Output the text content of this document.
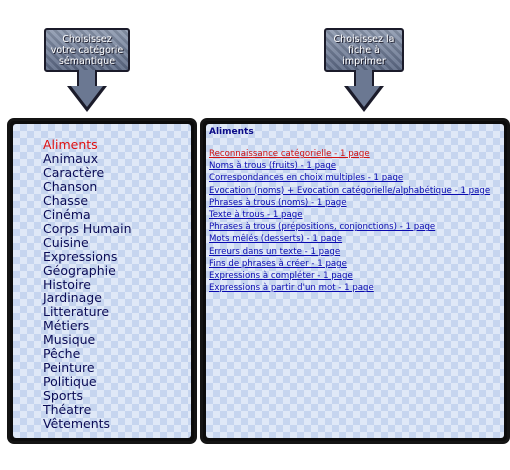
Choisissez votre catégorie sémantique
Choisissez la fiche à imprimer
Aliments
Animaux
Caractère
Chanson
Chasse
Cinéma
Corps Humain
Cuisine
Expressions
Géographie
Histoire
Jardinage
Litterature
Métiers
Musique
Pêche
Peinture
Politique
Sports
Théatre
Vêtements
Aliments
Reconnaissance catégorielle - 1 page
Noms à trous (fruits) - 1 page
Correspondances en choix multiples - 1 page
Evocation (noms) + Evocation catégorielle/alphabétique - 1 page
Phrases à trous (noms) - 1 page
Texte à trous - 1 page
Phrases à trous (prépositions, conjonctions) - 1 page
Mots mêlés (desserts) - 1 page
Erreurs dans un texte - 1 page
Fins de phrases à créer - 1 page
Expressions à compléter - 1 page
Expressions à partir d'un mot - 1 page
